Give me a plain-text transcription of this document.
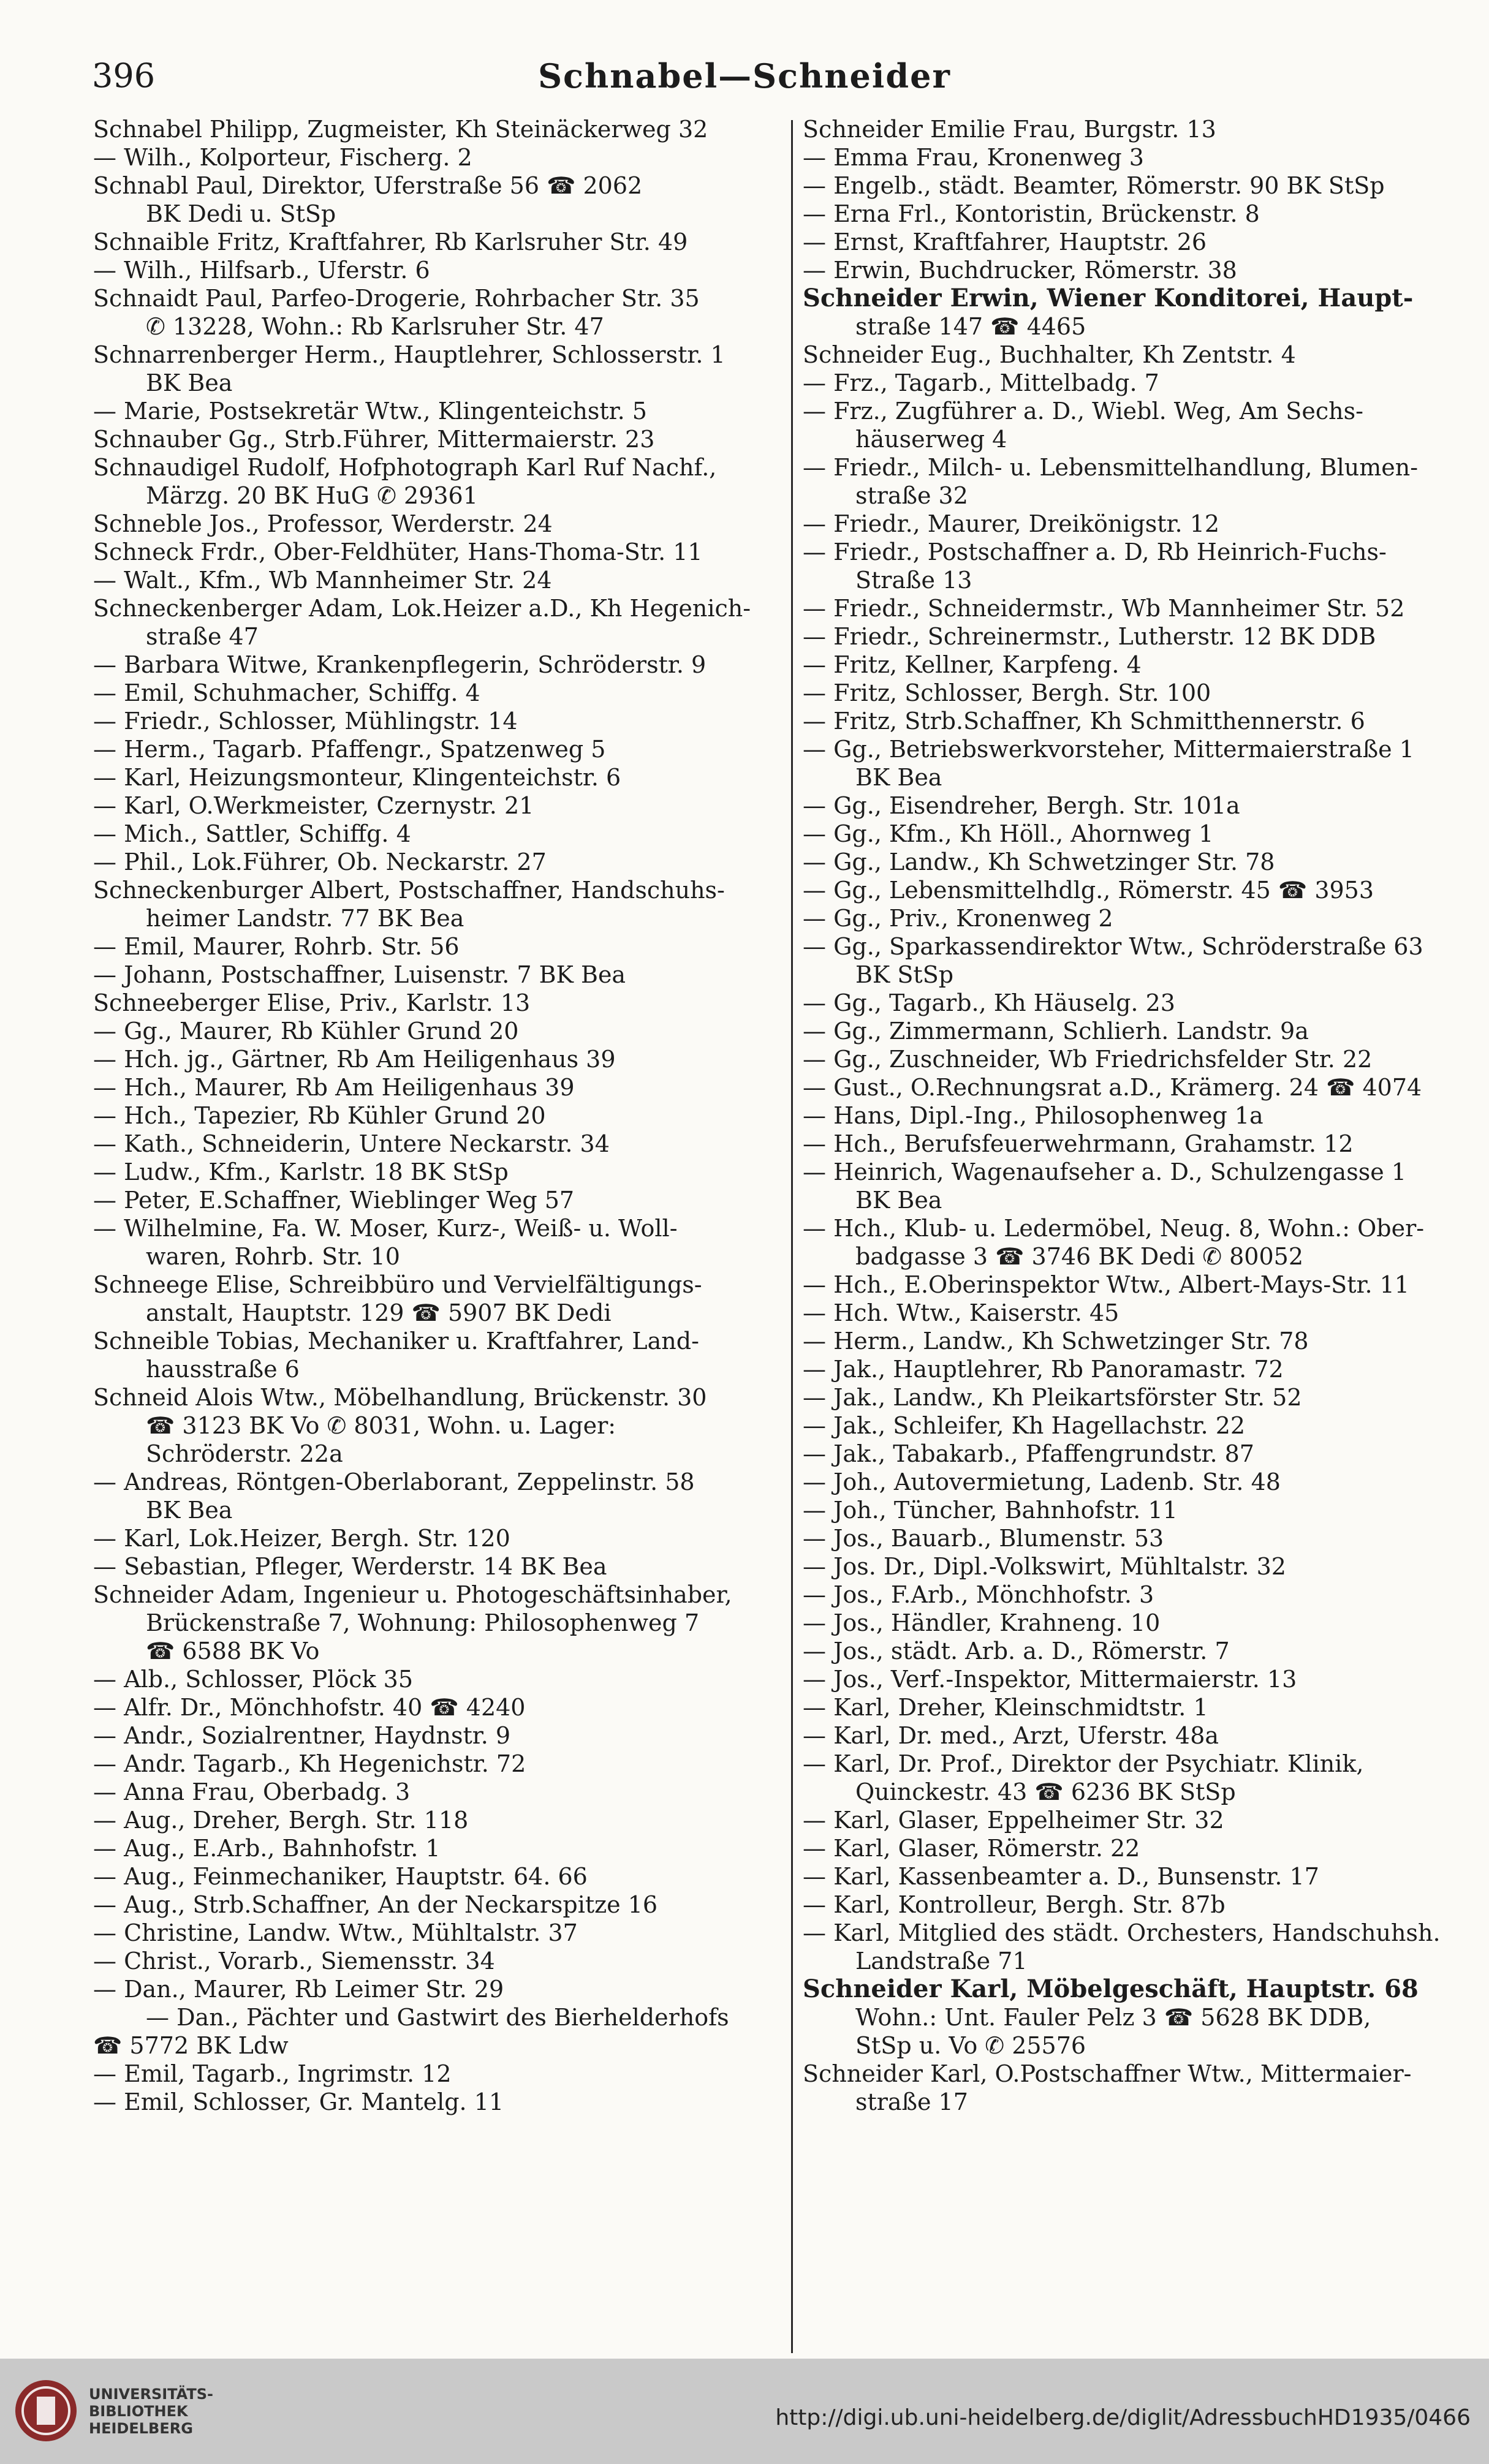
396	Schnabel—Schneider
Schnabel Philipp, Zugmeister, Kh Steinäckerweg 32
— Wilh., Kolporteur, Fischerg. 2
Schnabl Paul, Direktor, Uferstraße 56 ☎ 2062
BK Dedi u. StSp
Schnaible Fritz, Kraftfahrer, Rb Karlsruher Str. 49
— Wilh., Hilfsarb., Uferstr. 6
Schnaidt Paul, Parfeo-Drogerie, Rohrbacher Str. 35
✆ 13228, Wohn.: Rb Karlsruher Str. 47
Schnarrenberger Herm., Hauptlehrer, Schlosserstr. 1
BK Bea
— Marie, Postsekretär Wtw., Klingenteichstr. 5
Schnauber Gg., Strb.Führer, Mittermaierstr. 23
Schnaudigel Rudolf, Hofphotograph Karl Ruf Nachf.,
Märzg. 20 BK HuG ✆ 29361
Schneble Jos., Professor, Werderstr. 24
Schneck Frdr., Ober-Feldhüter, Hans-Thoma-Str. 11
— Walt., Kfm., Wb Mannheimer Str. 24
Schneckenberger Adam, Lok.Heizer a.D., Kh Hegenich-
straße 47
— Barbara Witwe, Krankenpflegerin, Schröderstr. 9
— Emil, Schuhmacher, Schiffg. 4
— Friedr., Schlosser, Mühlingstr. 14
— Herm., Tagarb. Pfaffengr., Spatzenweg 5
— Karl, Heizungsmonteur, Klingenteichstr. 6
— Karl, O.Werkmeister, Czernystr. 21
— Mich., Sattler, Schiffg. 4
— Phil., Lok.Führer, Ob. Neckarstr. 27
Schneckenburger Albert, Postschaffner, Handschuhs-
heimer Landstr. 77 BK Bea
— Emil, Maurer, Rohrb. Str. 56
— Johann, Postschaffner, Luisenstr. 7 BK Bea
Schneeberger Elise, Priv., Karlstr. 13
— Gg., Maurer, Rb Kühler Grund 20
— Hch. jg., Gärtner, Rb Am Heiligenhaus 39
— Hch., Maurer, Rb Am Heiligenhaus 39
— Hch., Tapezier, Rb Kühler Grund 20
— Kath., Schneiderin, Untere Neckarstr. 34
— Ludw., Kfm., Karlstr. 18 BK StSp
— Peter, E.Schaffner, Wieblinger Weg 57
— Wilhelmine, Fa. W. Moser, Kurz-, Weiß- u. Woll-
waren, Rohrb. Str. 10
Schneege Elise, Schreibbüro und Vervielfältigungs-
anstalt, Hauptstr. 129 ☎ 5907 BK Dedi
Schneible Tobias, Mechaniker u. Kraftfahrer, Land-
hausstraße 6
Schneid Alois Wtw., Möbelhandlung, Brückenstr. 30
☎ 3123 BK Vo ✆ 8031, Wohn. u. Lager:
Schröderstr. 22a
— Andreas, Röntgen-Oberlaborant, Zeppelinstr. 58
BK Bea
— Karl, Lok.Heizer, Bergh. Str. 120
— Sebastian, Pfleger, Werderstr. 14 BK Bea
Schneider Adam, Ingenieur u. Photogeschäftsinhaber,
Brückenstraße 7, Wohnung: Philosophenweg 7
☎ 6588 BK Vo
— Alb., Schlosser, Plöck 35
— Alfr. Dr., Mönchhofstr. 40 ☎ 4240
— Andr., Sozialrentner, Haydnstr. 9
— Andr. Tagarb., Kh Hegenichstr. 72
— Anna Frau, Oberbadg. 3
— Aug., Dreher, Bergh. Str. 118
— Aug., E.Arb., Bahnhofstr. 1
— Aug., Feinmechaniker, Hauptstr. 64. 66
— Aug., Strb.Schaffner, An der Neckarspitze 16
— Christine, Landw. Wtw., Mühltalstr. 37
— Christ., Vorarb., Siemensstr. 34
— Dan., Maurer, Rb Leimer Str. 29
— Dan., Pächter und Gastwirt des Bierhelderhofs
☎ 5772 BK Ldw
— Emil, Tagarb., Ingrimstr. 12
— Emil, Schlosser, Gr. Mantelg. 11
Schneider Emilie Frau, Burgstr. 13
— Emma Frau, Kronenweg 3
— Engelb., städt. Beamter, Römerstr. 90 BK StSp
— Erna Frl., Kontoristin, Brückenstr. 8
— Ernst, Kraftfahrer, Hauptstr. 26
— Erwin, Buchdrucker, Römerstr. 38
Schneider Erwin, Wiener Konditorei, Haupt-
straße 147 ☎ 4465
Schneider Eug., Buchhalter, Kh Zentstr. 4
— Frz., Tagarb., Mittelbadg. 7
— Frz., Zugführer a. D., Wiebl. Weg, Am Sechs-
häuserweg 4
— Friedr., Milch- u. Lebensmittelhandlung, Blumen-
straße 32
— Friedr., Maurer, Dreikönigstr. 12
— Friedr., Postschaffner a. D, Rb Heinrich-Fuchs-
Straße 13
— Friedr., Schneidermstr., Wb Mannheimer Str. 52
— Friedr., Schreinermstr., Lutherstr. 12 BK DDB
— Fritz, Kellner, Karpfeng. 4
— Fritz, Schlosser, Bergh. Str. 100
— Fritz, Strb.Schaffner, Kh Schmitthennerstr. 6
— Gg., Betriebswerkvorsteher, Mittermaierstraße 1
BK Bea
— Gg., Eisendreher, Bergh. Str. 101a
— Gg., Kfm., Kh Höll., Ahornweg 1
— Gg., Landw., Kh Schwetzinger Str. 78
— Gg., Lebensmittelhdlg., Römerstr. 45 ☎ 3953
— Gg., Priv., Kronenweg 2
— Gg., Sparkassendirektor Wtw., Schröderstraße 63
BK StSp
— Gg., Tagarb., Kh Häuselg. 23
— Gg., Zimmermann, Schlierh. Landstr. 9a
— Gg., Zuschneider, Wb Friedrichsfelder Str. 22
— Gust., O.Rechnungsrat a.D., Krämerg. 24 ☎ 4074
— Hans, Dipl.-Ing., Philosophenweg 1a
— Hch., Berufsfeuerwehrmann, Grahamstr. 12
— Heinrich, Wagenaufseher a. D., Schulzengasse 1
BK Bea
— Hch., Klub- u. Ledermöbel, Neug. 8, Wohn.: Ober-
badgasse 3 ☎ 3746 BK Dedi ✆ 80052
— Hch., E.Oberinspektor Wtw., Albert-Mays-Str. 11
— Hch. Wtw., Kaiserstr. 45
— Herm., Landw., Kh Schwetzinger Str. 78
— Jak., Hauptlehrer, Rb Panoramastr. 72
— Jak., Landw., Kh Pleikartsförster Str. 52
— Jak., Schleifer, Kh Hagellachstr. 22
— Jak., Tabakarb., Pfaffengrundstr. 87
— Joh., Autovermietung, Ladenb. Str. 48
— Joh., Tüncher, Bahnhofstr. 11
— Jos., Bauarb., Blumenstr. 53
— Jos. Dr., Dipl.-Volkswirt, Mühltalstr. 32
— Jos., F.Arb., Mönchhofstr. 3
— Jos., Händler, Krahneng. 10
— Jos., städt. Arb. a. D., Römerstr. 7
— Jos., Verf.-Inspektor, Mittermaierstr. 13
— Karl, Dreher, Kleinschmidtstr. 1
— Karl, Dr. med., Arzt, Uferstr. 48a
— Karl, Dr. Prof., Direktor der Psychiatr. Klinik,
Quinckestr. 43 ☎ 6236 BK StSp
— Karl, Glaser, Eppelheimer Str. 32
— Karl, Glaser, Römerstr. 22
— Karl, Kassenbeamter a. D., Bunsenstr. 17
— Karl, Kontrolleur, Bergh. Str. 87b
— Karl, Mitglied des städt. Orchesters, Handschuhsh.
Landstraße 71
Schneider Karl, Möbelgeschäft, Hauptstr. 68
Wohn.: Unt. Fauler Pelz 3 ☎ 5628 BK DDB,
StSp u. Vo ✆ 25576
Schneider Karl, O.Postschaffner Wtw., Mittermaier-
straße 17
UNIVERSITÄTS-
BIBLIOTHEK
HEIDELBERG	http://digi.ub.uni-heidelberg.de/diglit/AdressbuchHD1935/0466
